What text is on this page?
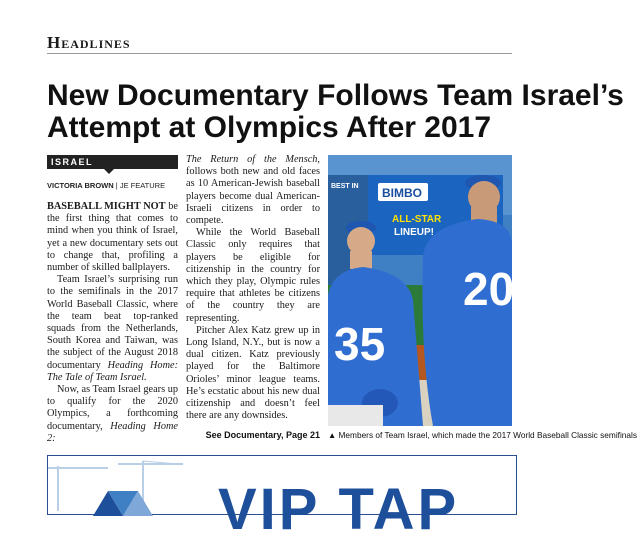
Headlines
New Documentary Follows Team Israel’s
Attempt at Olympics After 2017
ISRAEL
VICTORIA BROWN | JE FEATURE

BASEBALL MIGHT NOT be the first thing that comes to mind when you think of Israel, yet a new documentary sets out to change that, profiling a number of skilled ballplayers.

Team Israel’s surprising run to the semifinals in the 2017 World Baseball Classic, where the team beat top-ranked squads from the Netherlands, South Korea and Taiwan, was the subject of the August 2018 documentary Heading Home: The Tale of Team Israel.

Now, as Team Israel gears up to qualify for the 2020 Olympics, a forthcoming documentary, Heading Home 2:

The Return of the Mensch, follows both new and old faces as 10 American-Jewish baseball players become dual American-Israeli citizens in order to compete.

While the World Baseball Classic only requires that players be eligible for citizenship in the country for which they play, Olympic rules require that athletes be citizens of the country they are representing.

Pitcher Alex Katz grew up in Long Island, N.Y., but is now a dual citizen. Katz previously played for the Baltimore Orioles’ minor league teams. He’s ecstatic about his new dual citizenship and doesn’t feel there are any downsides.

See Documentary, Page 21
BEST IN BIMBO
ALL-STAR
LINEUP!
20
35
▲ Members of Team Israel, which made the 2017 World Baseball Classic semifinals
VIP TAP
